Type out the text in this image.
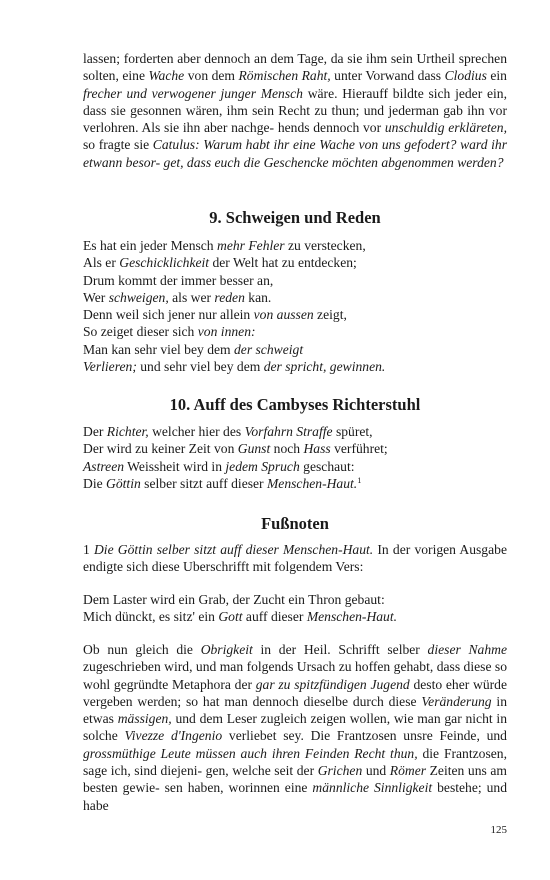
lassen; forderten aber dennoch an dem Tage, da sie ihm sein Urtheil sprechen solten, eine Wache von dem Römischen Raht, unter Vorwand dass Clodius ein frecher und verwogener junger Mensch wäre. Hierauff bildte sich jeder ein, dass sie gesonnen wären, ihm sein Recht zu thun; und jederman gab ihn vor verlohren. Als sie ihn aber nachge- hends dennoch vor unschuldig erkläreten, so fragte sie Catulus: Warum habt ihr eine Wache von uns gefodert? ward ihr etwann besor- get, dass euch die Geschencke möchten abgenommen werden?

9. Schweigen und Reden
Es hat ein jeder Mensch mehr Fehler zu verstecken,
Als er Geschicklichkeit der Welt hat zu entdecken;
Drum kommt der immer besser an,
Wer schweigen, als wer reden kan.
Denn weil sich jener nur allein von aussen zeigt,
So zeiget dieser sich von innen:
Man kan sehr viel bey dem der schweigt
Verlieren; und sehr viel bey dem der spricht, gewinnen.
10. Auff des Cambyses Richterstuhl
Der Richter, welcher hier des Vorfahrn Straffe spüret,
Der wird zu keiner Zeit von Gunst noch Hass verführet;
Astreen Weissheit wird in jedem Spruch geschaut:
Die Göttin selber sitzt auff dieser Menschen-Haut.$^1$
Fußnoten

1 Die Göttin selber sitzt auff dieser Menschen-Haut. In der vorigen Ausgabe endigte sich diese Uberschrifft mit folgendem Vers:

Dem Laster wird ein Grab, der Zucht ein Thron gebaut:
Mich dünckt, es sitz' ein Gott auff dieser Menschen-Haut.

Ob nun gleich die Obrigkeit in der Heil. Schrifft selber dieser Nahme zugeschrieben wird, und man folgends Ursach zu hoffen gehabt, dass diese so wohl gegründte Metaphora der gar zu spitzfündigen Jugend desto eher würde vergeben werden; so hat man dennoch dieselbe durch diese Veränderung in etwas mässigen, und dem Leser zugleich zeigen wollen, wie man gar nicht in solche Vivezze d'Ingenio verliebet sey. Die Frantzosen unsre Feinde, und grossmüthige Leute müssen auch ihren Feinden Recht thun, die Frantzosen, sage ich, sind diejeni- gen, welche seit der Grichen und Römer Zeiten uns am besten gewie- sen haben, worinnen eine männliche Sinnligkeit bestehe; und habe

125
